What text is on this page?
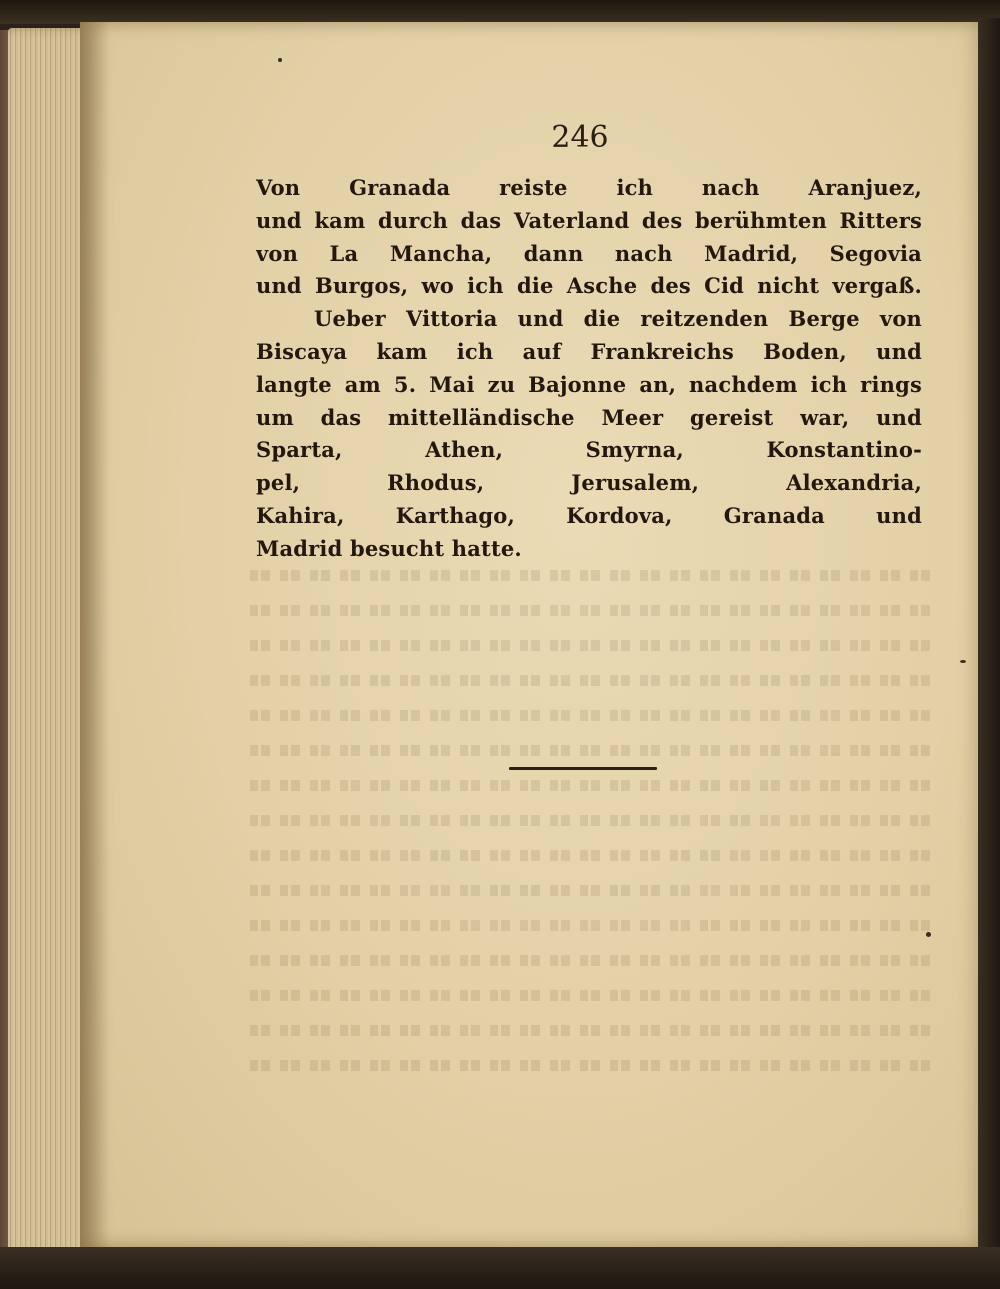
246
Von Granada reiste ich nach Aranjuez,
und kam durch das Vaterland des berühmten Ritters
von La Mancha, dann nach Madrid, Segovia
und Burgos, wo ich die Asche des Cid nicht vergaß.
Ueber Vittoria und die reitzenden Berge von
Biscaya kam ich auf Frankreichs Boden, und
langte am 5. Mai zu Bajonne an, nachdem ich rings
um das mittelländische Meer gereist war, und
Sparta, Athen, Smyrna, Konstantino-
pel, Rhodus, Jerusalem, Alexandria,
Kahira, Karthago, Kordova, Granada und
Madrid besucht hatte.
